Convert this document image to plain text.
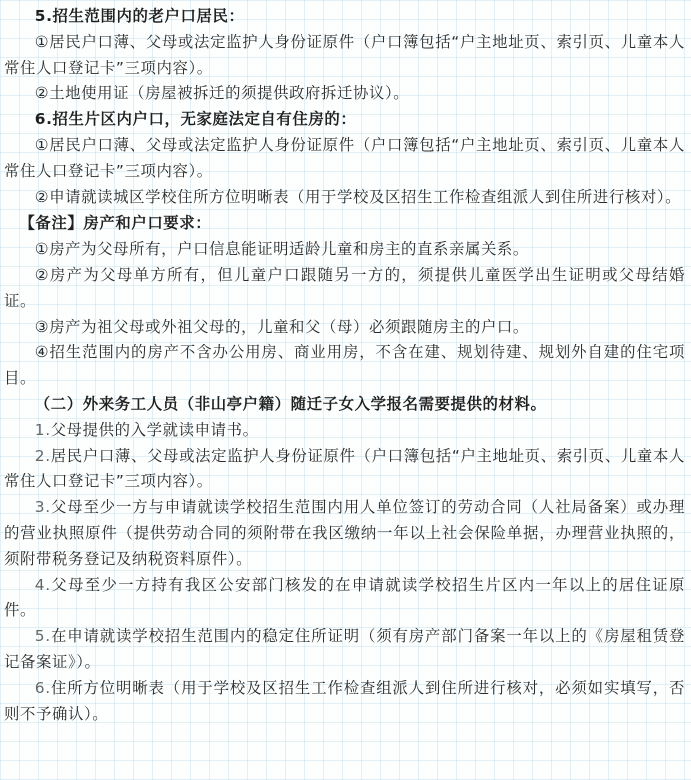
5.招生范围内的老户口居民：

①居民户口薄、父母或法定监护人身份证原件（户口簿包括“户主地址页、索引页、儿童本人常住人口登记卡”三项内容）。

②土地使用证（房屋被拆迁的须提供政府拆迁协议）。

6.招生片区内户口，无家庭法定自有住房的：

①居民户口薄、父母或法定监护人身份证原件（户口簿包括“户主地址页、索引页、儿童本人常住人口登记卡”三项内容）。

②申请就读城区学校住所方位明晰表（用于学校及区招生工作检查组派人到住所进行核对）。

【备注】房产和户口要求：

①房产为父母所有，户口信息能证明适龄儿童和房主的直系亲属关系。

②房产为父母单方所有，但儿童户口跟随另一方的，须提供儿童医学出生证明或父母结婚证。

③房产为祖父母或外祖父母的，儿童和父（母）必须跟随房主的户口。

④招生范围内的房产不含办公用房、商业用房，不含在建、规划待建、规划外自建的住宅项目。

（二）外来务工人员（非山亭户籍）随迁子女入学报名需要提供的材料。

1.父母提供的入学就读申请书。

2.居民户口薄、父母或法定监护人身份证原件（户口簿包括“户主地址页、索引页、儿童本人常住人口登记卡”三项内容）。

3.父母至少一方与申请就读学校招生范围内用人单位签订的劳动合同（人社局备案）或办理的营业执照原件（提供劳动合同的须附带在我区缴纳一年以上社会保险单据，办理营业执照的，须附带税务登记及纳税资料原件）。

4.父母至少一方持有我区公安部门核发的在申请就读学校招生片区内一年以上的居住证原件。

5.在申请就读学校招生范围内的稳定住所证明（须有房产部门备案一年以上的《房屋租赁登记备案证》）。

6.住所方位明晰表（用于学校及区招生工作检查组派人到住所进行核对，必须如实填写，否则不予确认）。
